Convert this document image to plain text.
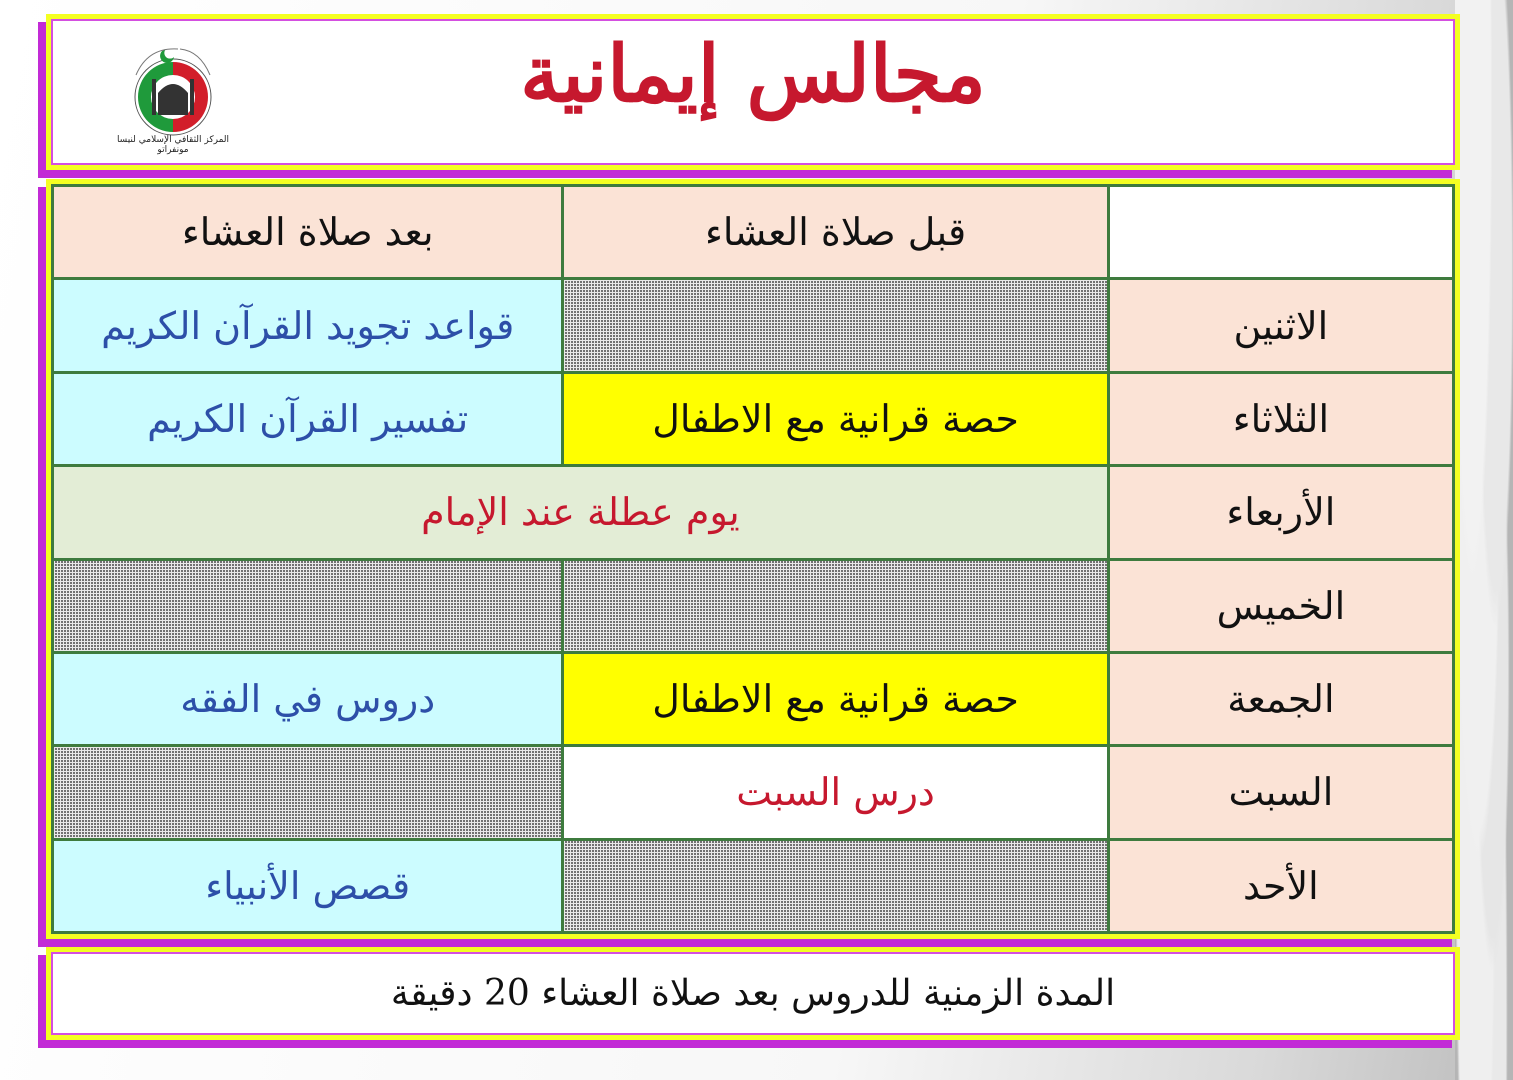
المركز الثقافي الإسلامي لنيسا مونفراتو
مجالس إيمانية
	قبل صلاة العشاء	بعد صلاة العشاء
الاثنين		قواعد تجويد القرآن الكريم
الثلاثاء	حصة قرانية مع الاطفال	تفسير القرآن الكريم
الأربعاء	يوم عطلة عند الإمام	
الخميس		
الجمعة	حصة قرانية مع الاطفال	دروس في الفقه
السبت	درس السبت	
الأحد		قصص الأنبياء
المدة الزمنية للدروس بعد صلاة العشاء 20 دقيقة
